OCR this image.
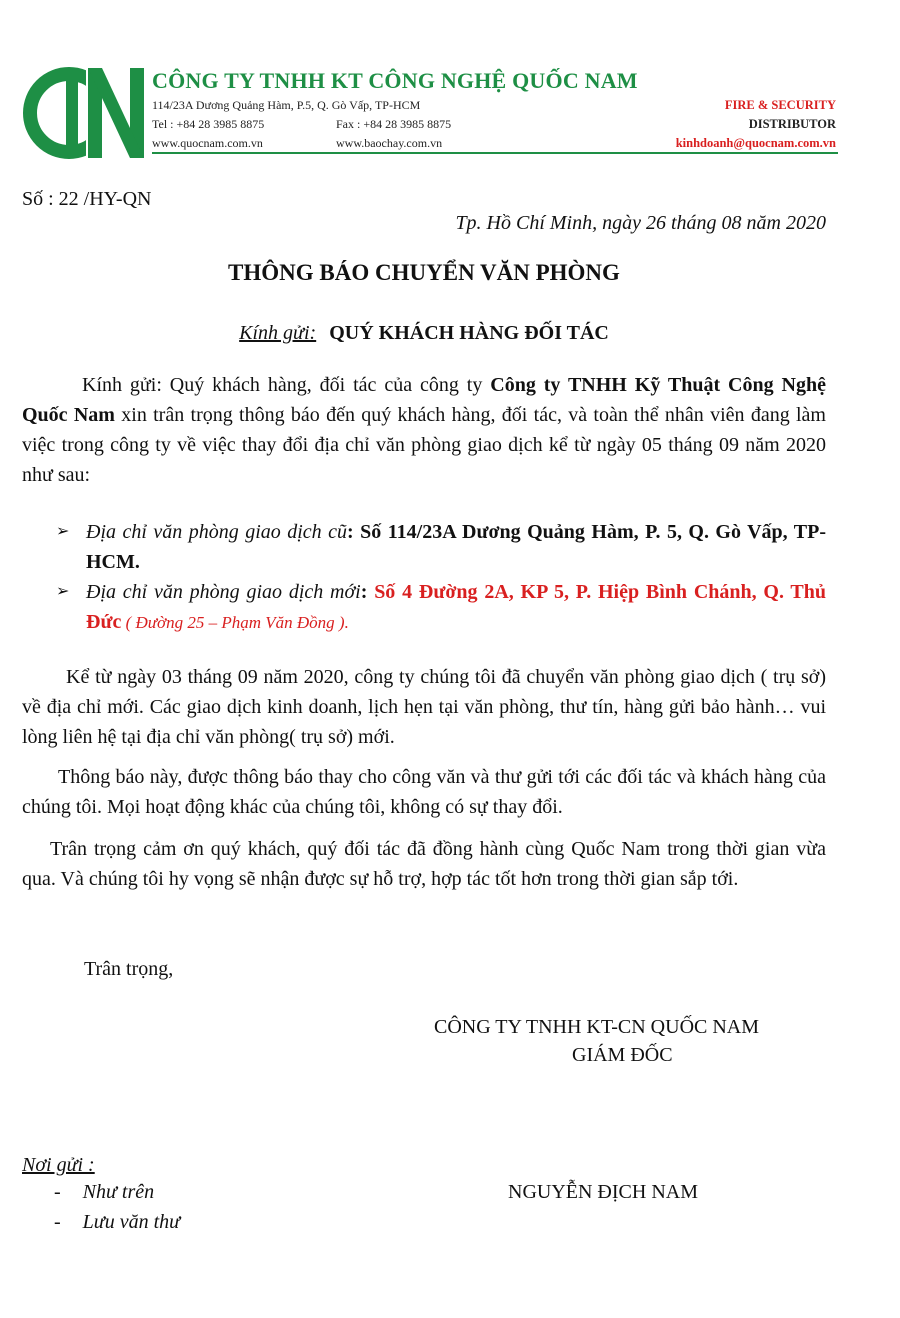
CÔNG TY TNHH KT CÔNG NGHỆ QUỐC NAM
114/23A Dương Quảng Hàm, P.5, Q. Gò Vấp, TP-HCM
Tel : +84 28 3985 8875	Fax : +84 28 3985 8875
www.quocnam.com.vn	www.baochay.com.vn
FIRE & SECURITY
DISTRIBUTOR
kinhdoanh@quocnam.com.vn
Số : 22 /HY-QN
Tp. Hồ Chí Minh, ngày 26 tháng 08 năm 2020
THÔNG BÁO CHUYỂN VĂN PHÒNG
Kính gửi: QUÝ KHÁCH HÀNG ĐỐI TÁC
Kính gửi: Quý khách hàng, đối tác của công ty Công ty TNHH Kỹ Thuật Công Nghệ Quốc Nam xin trân trọng thông báo đến quý khách hàng, đối tác, và toàn thể nhân viên đang làm việc trong công ty về việc thay đổi địa chỉ văn phòng giao dịch kể từ ngày 05 tháng 09 năm 2020 như sau:
➢ Địa chỉ văn phòng giao dịch cũ: Số 114/23A Dương Quảng Hàm, P. 5, Q. Gò Vấp, TP-HCM.
➢ Địa chỉ văn phòng giao dịch mới: Số 4 Đường 2A, KP 5, P. Hiệp Bình Chánh, Q. Thủ Đức ( Đường 25 – Phạm Văn Đồng ).
Kể từ ngày 03 tháng 09 năm 2020, công ty chúng tôi đã chuyển văn phòng giao dịch ( trụ sở) về địa chỉ mới. Các giao dịch kinh doanh, lịch hẹn tại văn phòng, thư tín, hàng gửi bảo hành… vui lòng liên hệ tại địa chỉ văn phòng( trụ sở) mới.
Thông báo này, được thông báo thay cho công văn và thư gửi tới các đối tác và khách hàng của chúng tôi. Mọi hoạt động khác của chúng tôi, không có sự thay đổi.
Trân trọng cảm ơn quý khách, quý đối tác đã đồng hành cùng Quốc Nam trong thời gian vừa qua. Và chúng tôi hy vọng sẽ nhận được sự hỗ trợ, hợp tác tốt hơn trong thời gian sắp tới.
Trân trọng,
CÔNG TY TNHH KT-CN QUỐC NAM
GIÁM ĐỐC
NGUYỄN ĐỊCH NAM
Nơi gửi :
- Như trên
- Lưu văn thư
